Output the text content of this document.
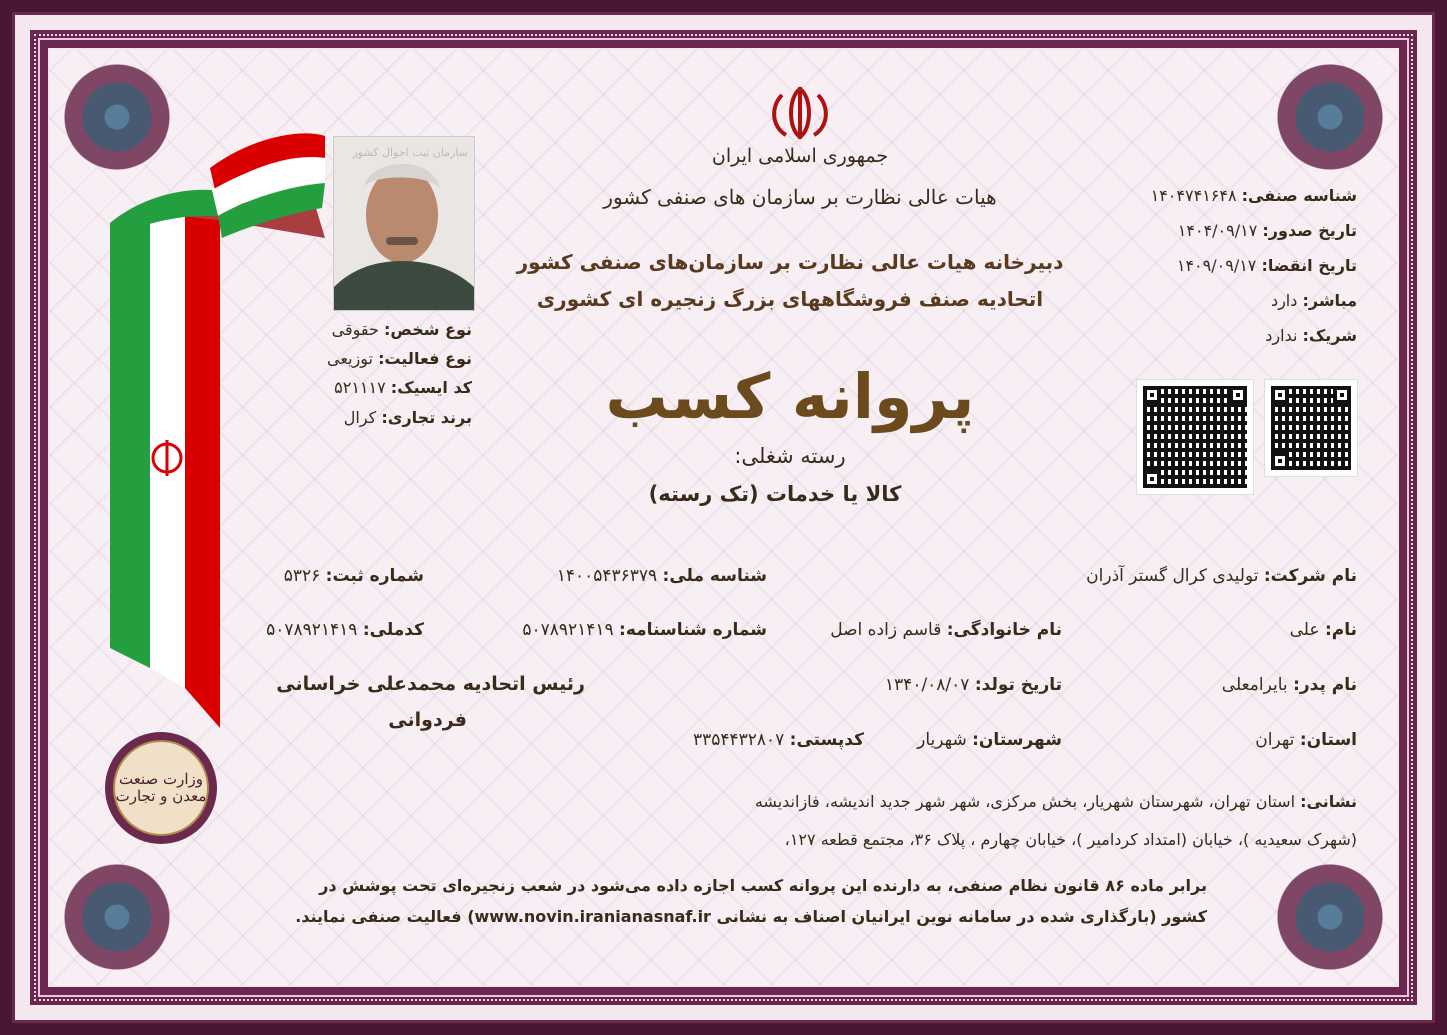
وزارت صنعت معدن و تجارت
سازمان ثبت احوال کشور
نوع شخص: حقوقی
نوع فعالیت: توزیعی
کد ایسیک: ۵۲۱۱۱۷
برند تجاری: کرال
جمهوری اسلامی ایران
هیات عالی نظارت بر سازمان های صنفی کشور
دبیرخانه هیات عالی نظارت بر سازمان‌های صنفی کشور
اتحادیه صنف فروشگاههای بزرگ زنجیره ای کشوری
پروانه کسب
رسته شغلی:
کالا یا خدمات (تک رسته)
شناسه صنفی: ۱۴۰۴۷۴۱۶۴۸
تاریخ صدور: ۱۴۰۴/۰۹/۱۷
تاریخ انقضا: ۱۴۰۹/۰۹/۱۷
مباشر: دارد
شریک: ندارد
نام شرکت: تولیدی کرال گستر آذران
شناسه ملی: ۱۴۰۰۵۴۳۶۳۷۹
شماره ثبت: ۵۳۲۶
نام: علی
نام خانوادگی: قاسم زاده اصل
شماره شناسنامه: ۵۰۷۸۹۲۱۴۱۹
کدملی: ۵۰۷۸۹۲۱۴۱۹
نام پدر: بایرامعلی
تاریخ تولد: ۱۳۴۰/۰۸/۰۷
استان: تهران
شهرستان: شهریار
کدپستی: ۳۳۵۴۴۳۲۸۰۷
رئیس اتحادیه محمدعلی خراسانی
فردوانی
نشانی: استان تهران، شهرستان شهریار، بخش مرکزی، شهر شهر جدید اندیشه، فازاندیشه
(شهرک سعیدیه )، خیابان (امتداد کردامیر )، خیابان چهارم ، پلاک ۳۶، مجتمع قطعه ۱۲۷،
برابر ماده ۸۶ قانون نظام صنفی، به دارنده این پروانه کسب اجازه داده می‌شود در شعب زنجیره‌ای تحت پوشش در
کشور (بارگذاری شده در سامانه نوین ایرانیان اصناف به نشانی www.novin.iranianasnaf.ir) فعالیت صنفی نمایند.
